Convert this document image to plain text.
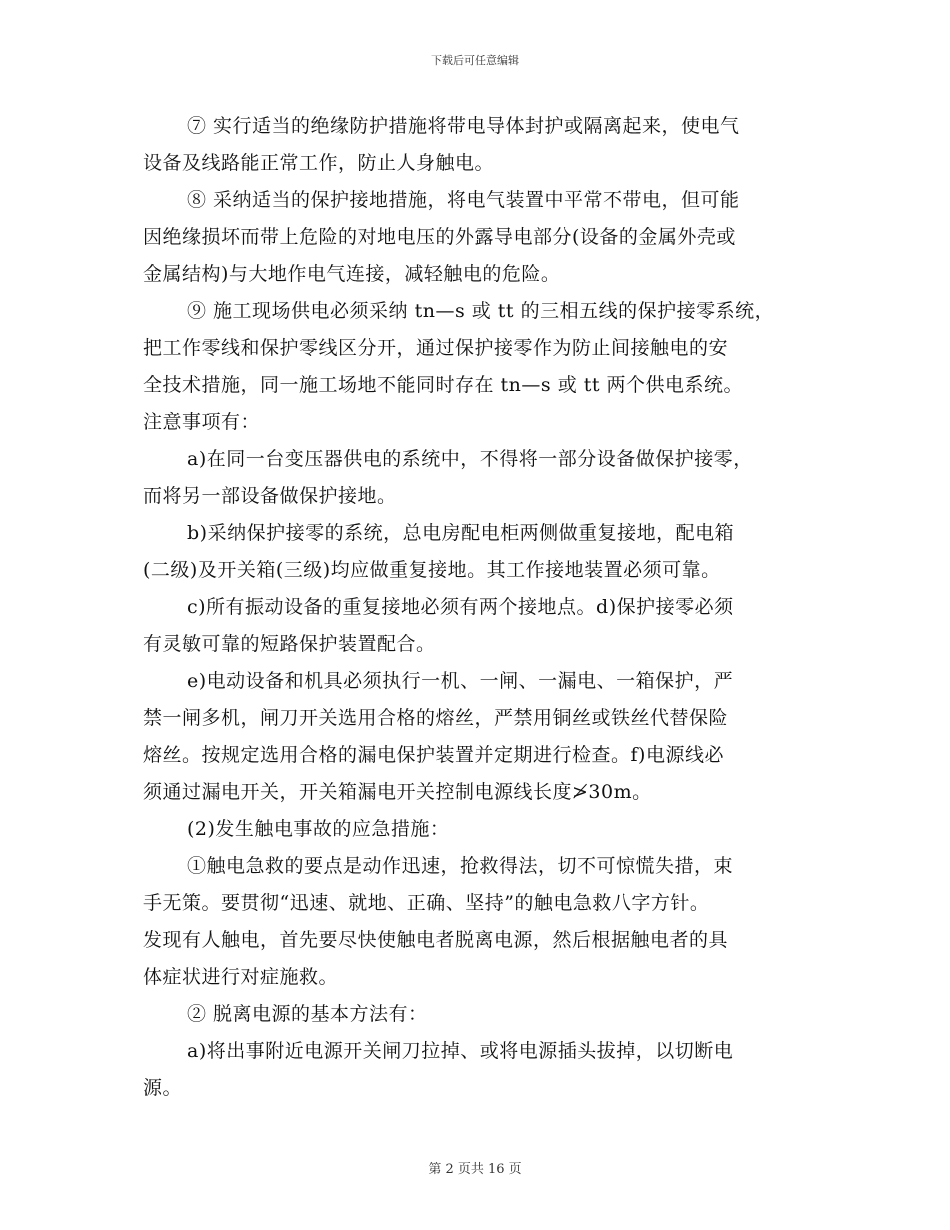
下载后可任意编辑
⑦ 实行适当的绝缘防护措施将带电导体封护或隔离起来，使电气
设备及线路能正常工作，防止人身触电。
⑧ 采纳适当的保护接地措施，将电气装置中平常不带电，但可能
因绝缘损坏而带上危险的对地电压的外露导电部分(设备的金属外壳或
金属结构)与大地作电气连接，减轻触电的危险。
⑨ 施工现场供电必须采纳 tn—s 或 tt 的三相五线的保护接零系统，
把工作零线和保护零线区分开，通过保护接零作为防止间接触电的安
全技术措施，同一施工场地不能同时存在 tn—s 或 tt 两个供电系统。
注意事项有：
a)在同一台变压器供电的系统中，不得将一部分设备做保护接零，
而将另一部设备做保护接地。
b)采纳保护接零的系统，总电房配电柜两侧做重复接地，配电箱
(二级)及开关箱(三级)均应做重复接地。其工作接地装置必须可靠。
c)所有振动设备的重复接地必须有两个接地点。d)保护接零必须
有灵敏可靠的短路保护装置配合。
e)电动设备和机具必须执行一机、一闸、一漏电、一箱保护，严
禁一闸多机，闸刀开关选用合格的熔丝，严禁用铜丝或铁丝代替保险
熔丝。按规定选用合格的漏电保护装置并定期进行检查。f)电源线必
须通过漏电开关，开关箱漏电开关控制电源线长度≯30m。
(2)发生触电事故的应急措施：
①触电急救的要点是动作迅速，抢救得法，切不可惊慌失措，束
手无策。要贯彻“迅速、就地、正确、坚持”的触电急救八字方针。
发现有人触电，首先要尽快使触电者脱离电源，然后根据触电者的具
体症状进行对症施救。
② 脱离电源的基本方法有：
a)将出事附近电源开关闸刀拉掉、或将电源插头拔掉，以切断电
源。
第 2 页共 16 页
